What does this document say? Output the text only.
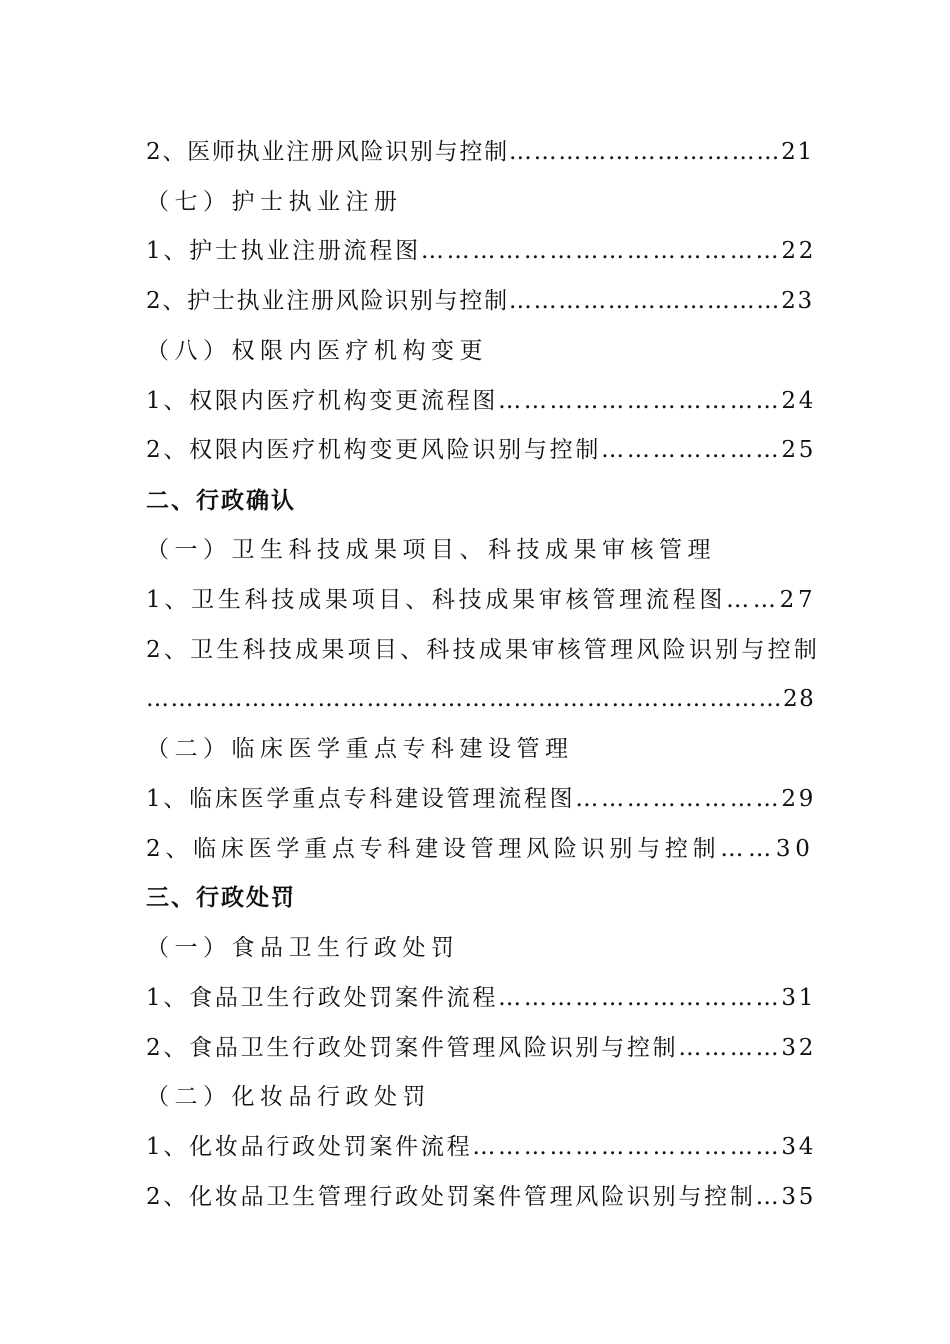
2、医师执业注册风险识别与控制……………………………21
（七）护士执业注册
1、护士执业注册流程图……………………………………22
2、护士执业注册风险识别与控制……………………………23
（八）权限内医疗机构变更
1、权限内医疗机构变更流程图……………………………24
2、权限内医疗机构变更风险识别与控制…………………25
二、行政确认
（一）卫生科技成果项目、科技成果审核管理
1、卫生科技成果项目、科技成果审核管理流程图……27
2、卫生科技成果项目、科技成果审核管理风险识别与控制
……………………………………………………………………28
（二）临床医学重点专科建设管理
1、临床医学重点专科建设管理流程图……………………29
2、临床医学重点专科建设管理风险识别与控制……30
三、行政处罚
（一）食品卫生行政处罚
1、食品卫生行政处罚案件流程……………………………31
2、食品卫生行政处罚案件管理风险识别与控制…………32
（二）化妆品行政处罚
1、化妆品行政处罚案件流程………………………………34
2、化妆品卫生管理行政处罚案件管理风险识别与控制…35
